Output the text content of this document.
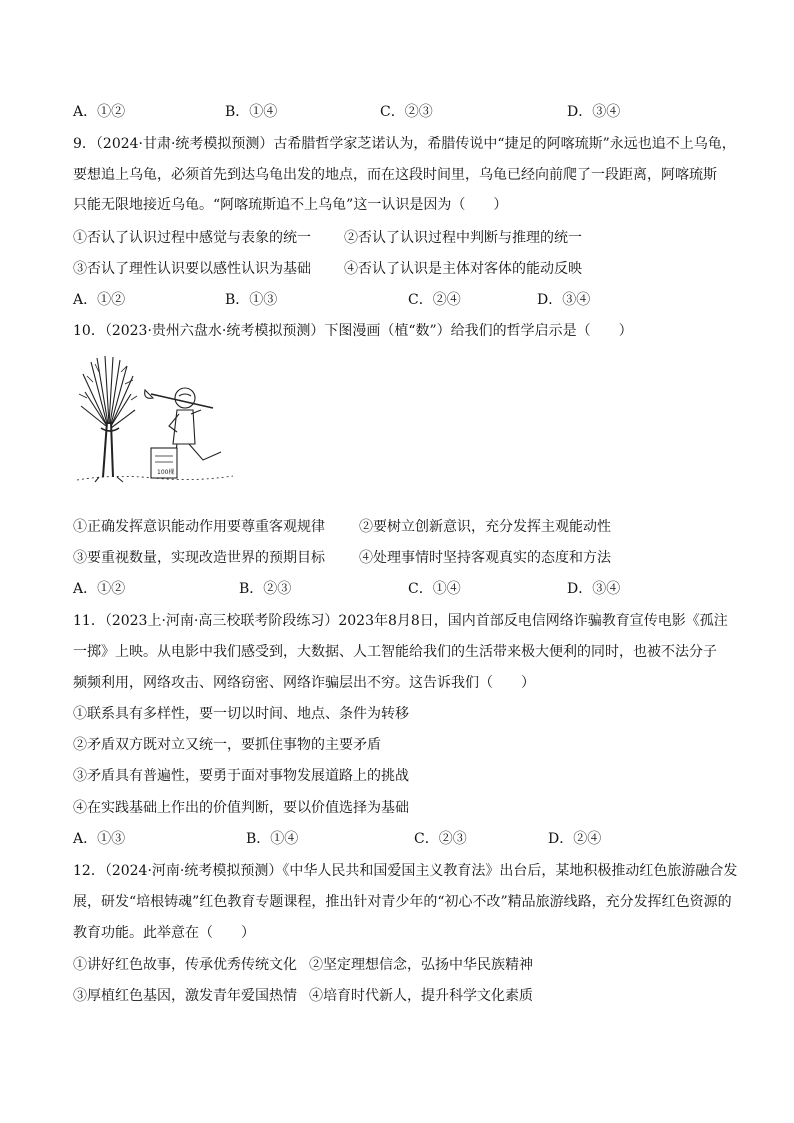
A．①②	B．①④	C．②③	D．③④
9．（2024·甘肃·统考模拟预测）古希腊哲学家芝诺认为，希腊传说中“捷足的阿喀琉斯”永远也追不上乌龟，
要想追上乌龟，必须首先到达乌龟出发的地点，而在这段时间里，乌龟已经向前爬了一段距离，阿喀琉斯
只能无限地接近乌龟。“阿喀琉斯追不上乌龟”这一认识是因为（　　）
①否认了认识过程中感觉与表象的统一 ②否认了认识过程中判断与推理的统一
③否认了理性认识要以感性认识为基础 ④否认了认识是主体对客体的能动反映
A．①②	B．①③	C．②④	D．③④
10．（2023·贵州六盘水·统考模拟预测）下图漫画（植“数”）给我们的哲学启示是（　　）
100棵
①正确发挥意识能动作用要尊重客观规律 ②要树立创新意识，充分发挥主观能动性
③要重视数量，实现改造世界的预期目标 ④处理事情时坚持客观真实的态度和方法
A．①②	B．②③	C．①④	D．③④
11．（2023上·河南·高三校联考阶段练习）2023年8月8日，国内首部反电信网络诈骗教育宣传电影《孤注
一掷》上映。从电影中我们感受到，大数据、人工智能给我们的生活带来极大便利的同时，也被不法分子
频频利用，网络攻击、网络窃密、网络诈骗层出不穷。这告诉我们（　　）
①联系具有多样性，要一切以时间、地点、条件为转移
②矛盾双方既对立又统一，要抓住事物的主要矛盾
③矛盾具有普遍性，要勇于面对事物发展道路上的挑战
④在实践基础上作出的价值判断，要以价值选择为基础
A．①③	B．①④	C．②③	D．②④
12．（2024·河南·统考模拟预测）《中华人民共和国爱国主义教育法》出台后，某地积极推动红色旅游融合发
展，研发“培根铸魂”红色教育专题课程，推出针对青少年的“初心不改”精品旅游线路，充分发挥红色资源的
教育功能。此举意在（　　）
①讲好红色故事，传承优秀传统文化 ②坚定理想信念，弘扬中华民族精神
③厚植红色基因，激发青年爱国热情 ④培育时代新人，提升科学文化素质
